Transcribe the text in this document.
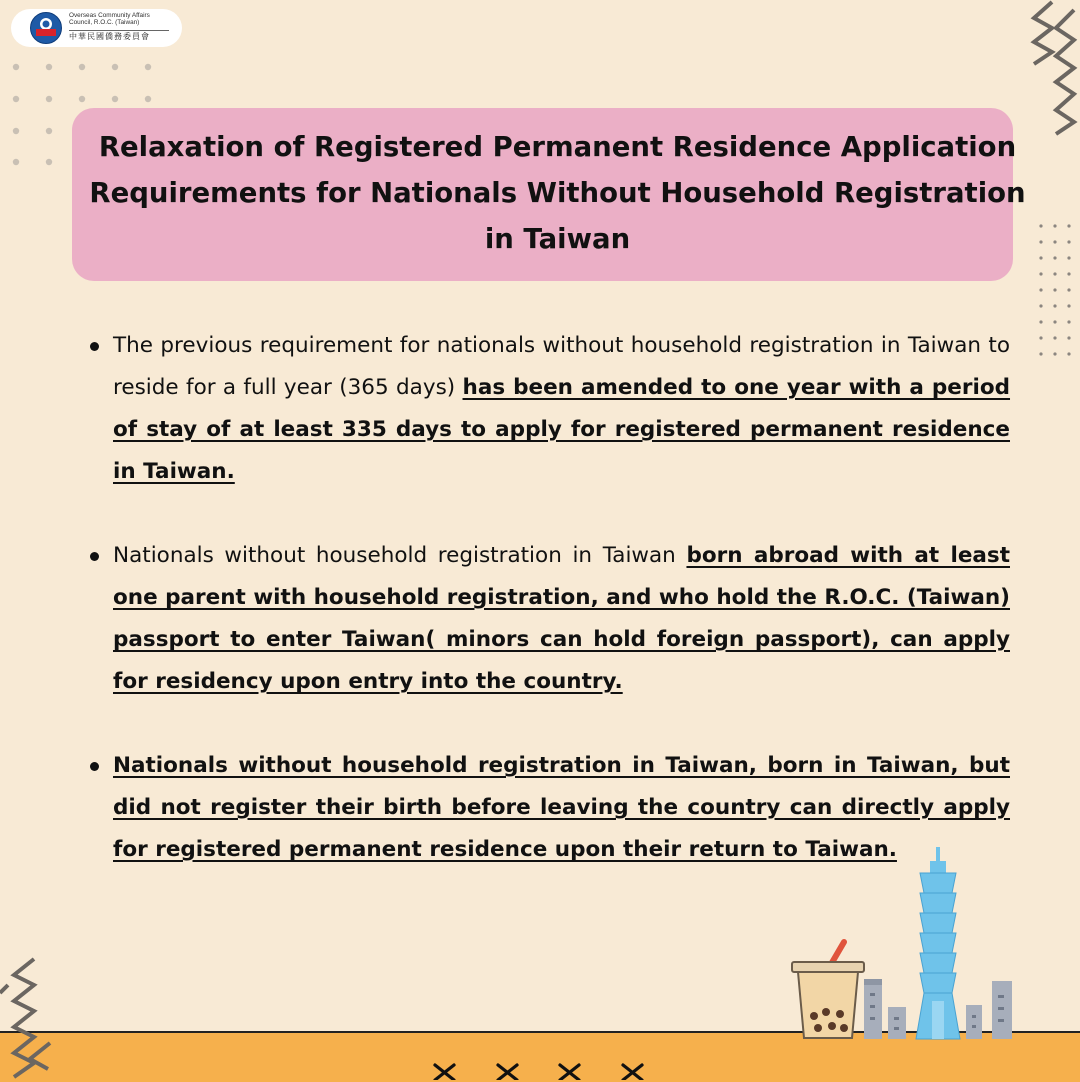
Overseas Community Affairs
Council, R.O.C. (Taiwan)
中華民國僑務委員會
Relaxation of Registered Permanent Residence Application Requirements for Nationals Without Household Registration in Taiwan
The previous requirement for nationals without household registration in Taiwan to reside for a full year (365 days) has been amended to one year with a period of stay of at least 335 days to apply for registered permanent residence in Taiwan.
Nationals without household registration in Taiwan born abroad with at least one parent with household registration, and who hold the R.O.C. (Taiwan) passport to enter Taiwan( minors can hold foreign passport), can apply for residency upon entry into the country.
Nationals without household registration in Taiwan, born in Taiwan, but did not register their birth before leaving the country can directly apply for registered permanent residence upon their return to Taiwan.
